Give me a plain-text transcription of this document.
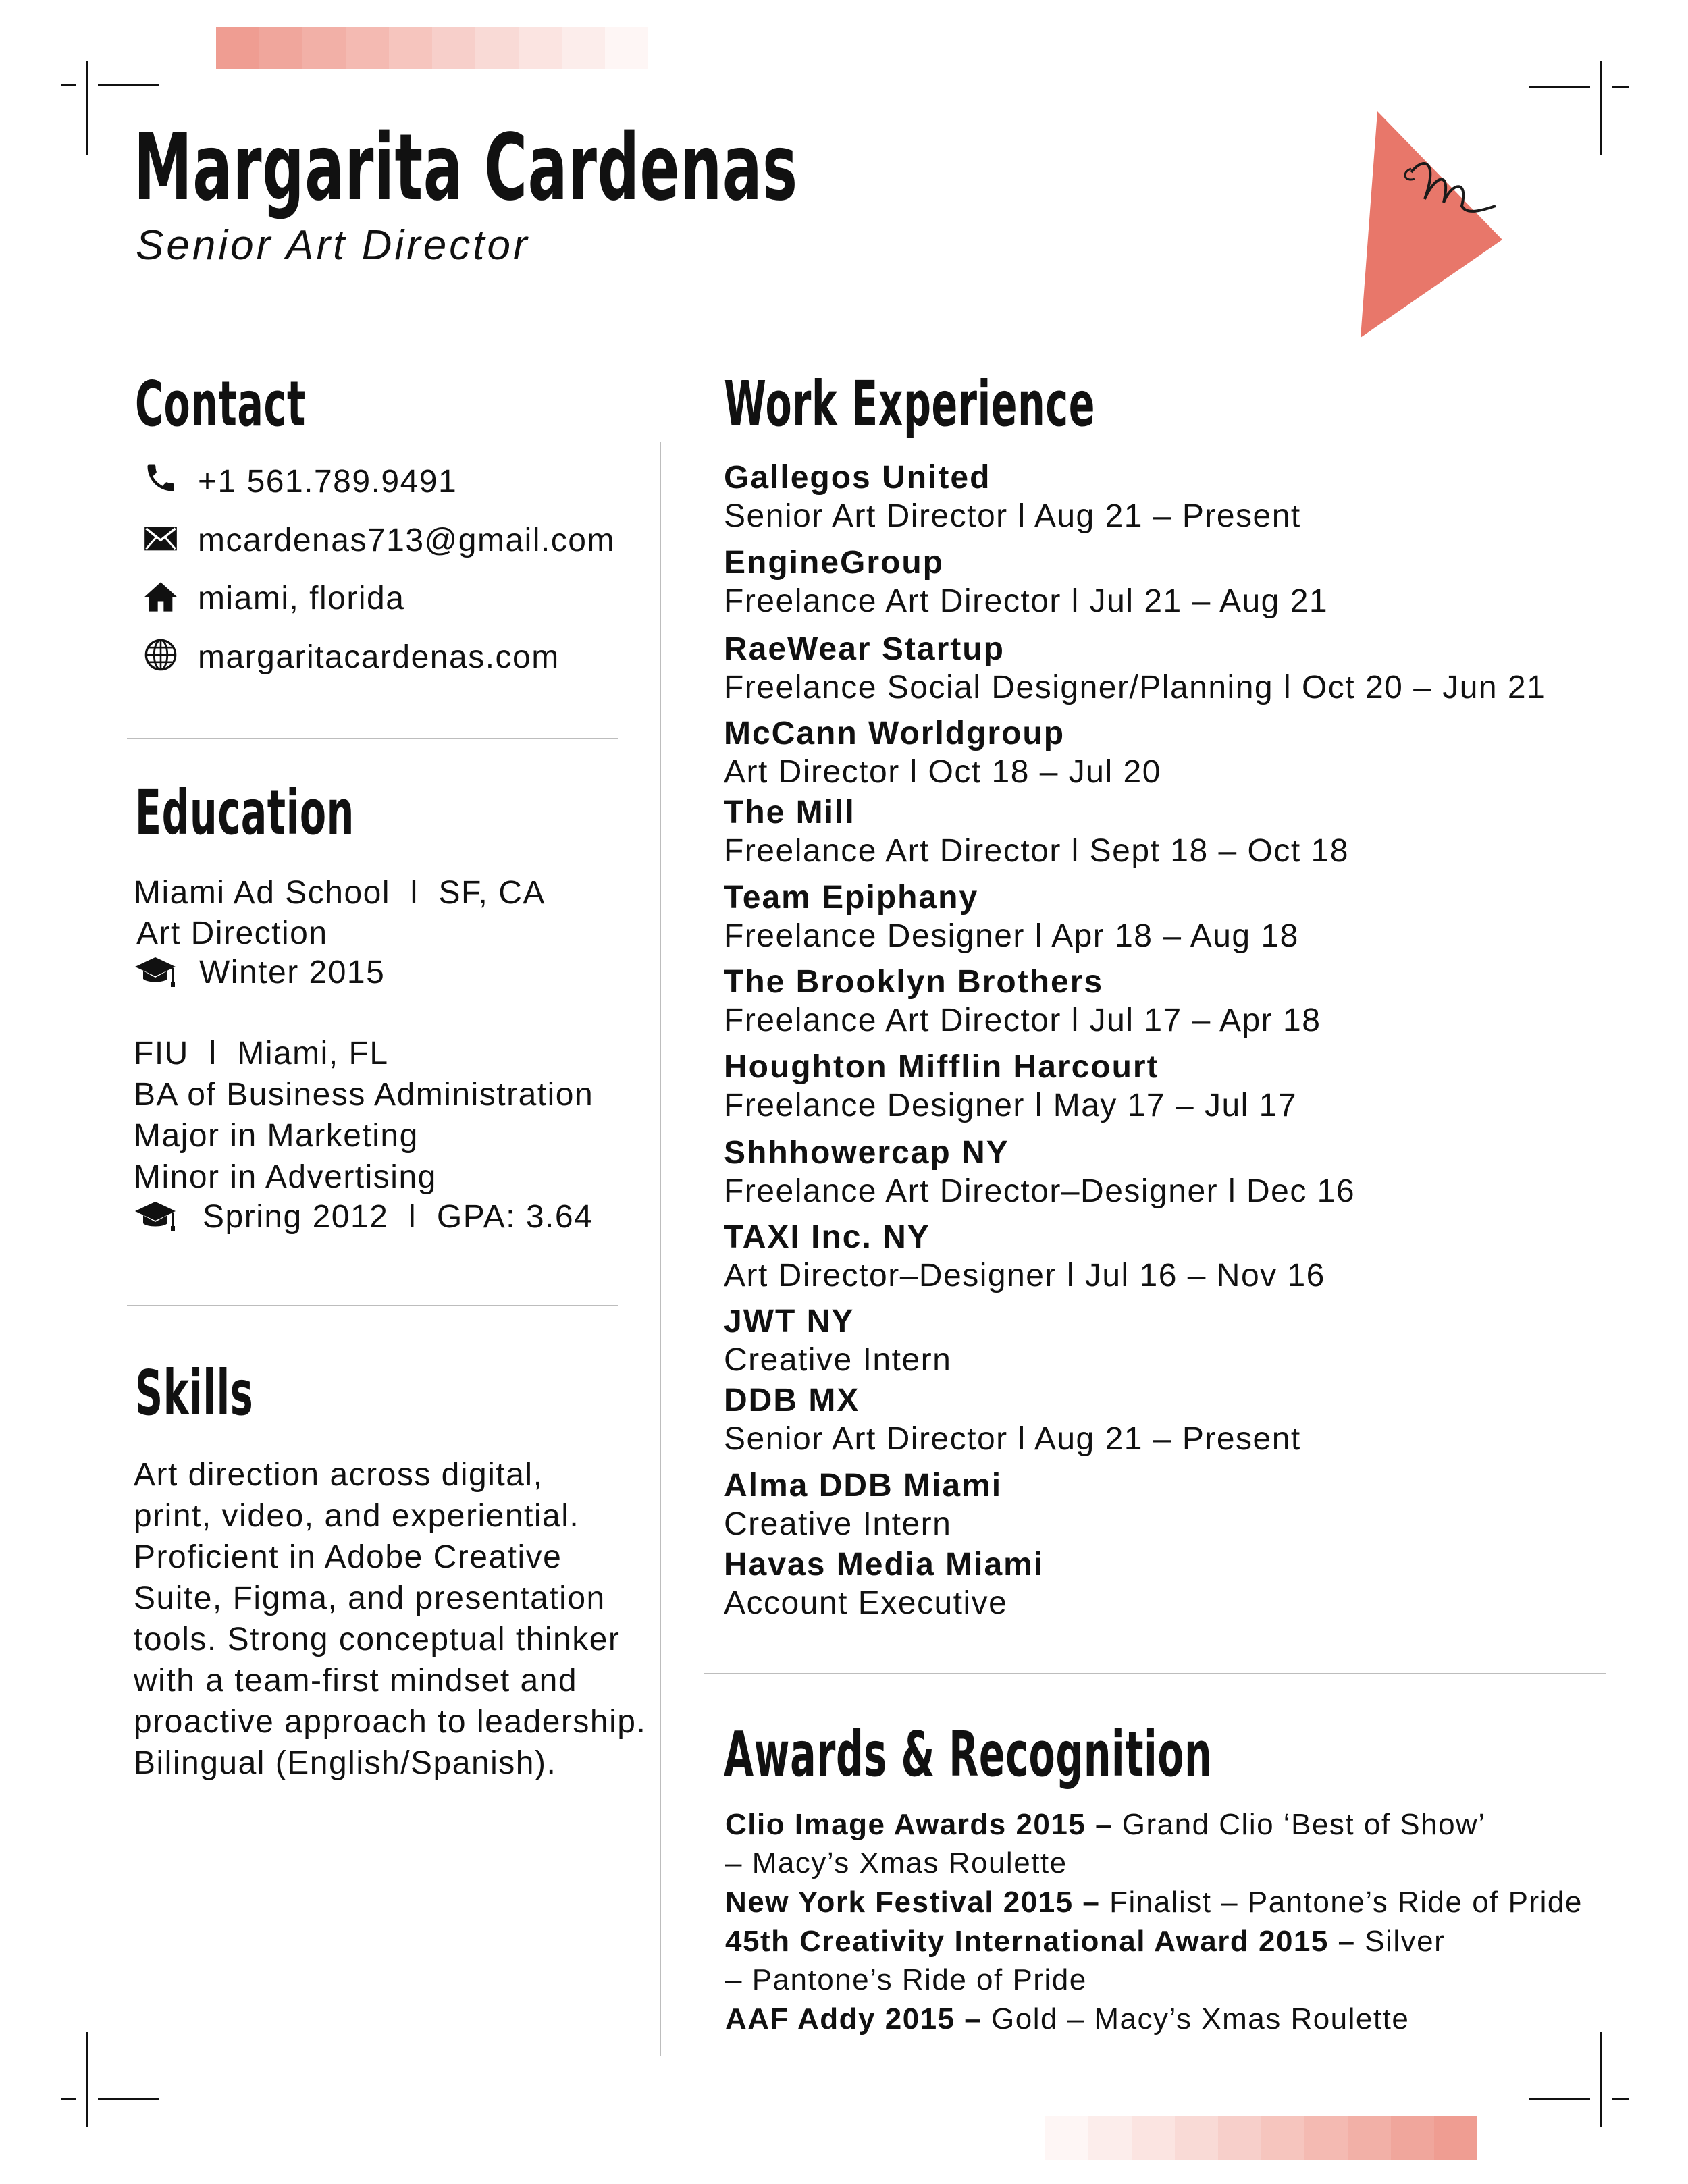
Margarita Cardenas
Senior Art Director
Contact
+1 561.789.9491
mcardenas713@gmail.com
miami, florida
margaritacardenas.com
Education
Miami Ad School  l  SF, CA
Art Direction
Winter 2015
FIU  l  Miami, FL
BA of Business Administration
Major in Marketing
Minor in Advertising
Spring 2012  l  GPA: 3.64
Skills
Art direction across digital,
print, video, and experiential.
Proficient in Adobe Creative
Suite, Figma, and presentation
tools. Strong conceptual thinker
with a team-first mindset and
proactive approach to leadership.
Bilingual (English/Spanish).
Work Experience
Gallegos United
Senior Art Director l Aug 21 – Present
EngineGroup
Freelance Art Director l Jul 21 – Aug 21
RaeWear Startup
Freelance Social Designer/Planning l Oct 20 – Jun 21
McCann Worldgroup
Art Director l Oct 18 – Jul 20
The Mill
Freelance Art Director l Sept 18 – Oct 18
Team Epiphany
Freelance Designer l Apr 18 – Aug 18
The Brooklyn Brothers
Freelance Art Director l Jul 17 – Apr 18
Houghton Mifflin Harcourt
Freelance Designer l May 17 – Jul 17
Shhhowercap NY
Freelance Art Director–Designer l Dec 16
TAXI Inc. NY
Art Director–Designer l Jul 16 – Nov 16
JWT NY
Creative Intern
DDB MX
Senior Art Director l Aug 21 – Present
Alma DDB Miami
Creative Intern
Havas Media Miami
Account Executive
Awards & Recognition
Clio Image Awards 2015 – Grand Clio ‘Best of Show’
– Macy’s Xmas Roulette
New York Festival 2015 – Finalist – Pantone’s Ride of Pride
45th Creativity International Award 2015 – Silver
– Pantone’s Ride of Pride
AAF Addy 2015 – Gold – Macy’s Xmas Roulette
